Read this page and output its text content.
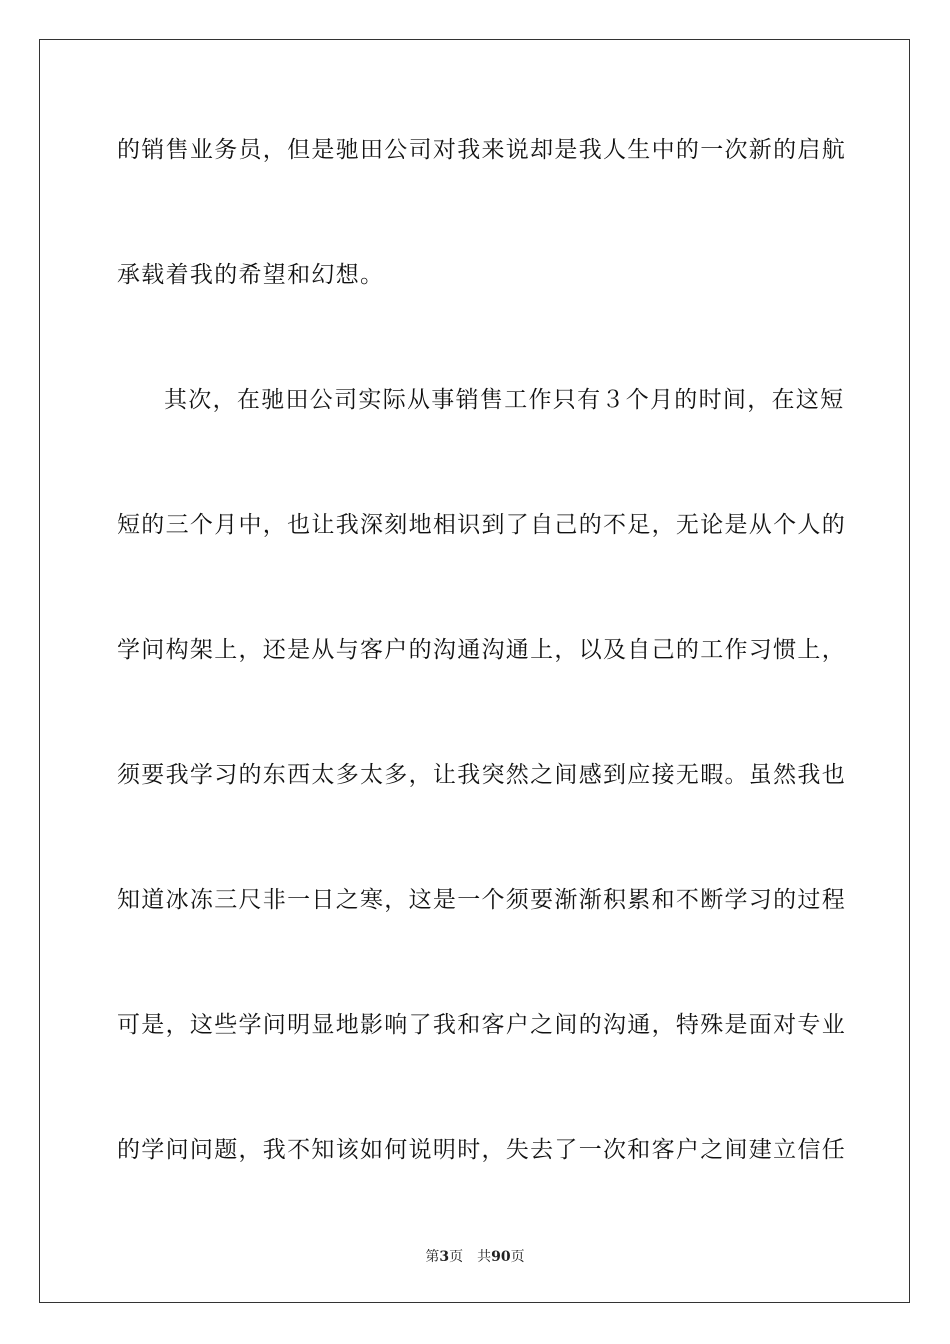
的销售业务员，但是驰田公司对我来说却是我人生中的一次新的启航
承载着我的希望和幻想。
其次，在驰田公司实际从事销售工作只有３个月的时间，在这短
短的三个月中，也让我深刻地相识到了自己的不足，无论是从个人的
学问构架上，还是从与客户的沟通沟通上，以及自己的工作习惯上，
须要我学习的东西太多太多，让我突然之间感到应接无暇。虽然我也
知道冰冻三尺非一日之寒，这是一个须要渐渐积累和不断学习的过程
可是，这些学问明显地影响了我和客户之间的沟通，特殊是面对专业
的学问问题，我不知该如何说明时，失去了一次和客户之间建立信任
第3页 共90页
